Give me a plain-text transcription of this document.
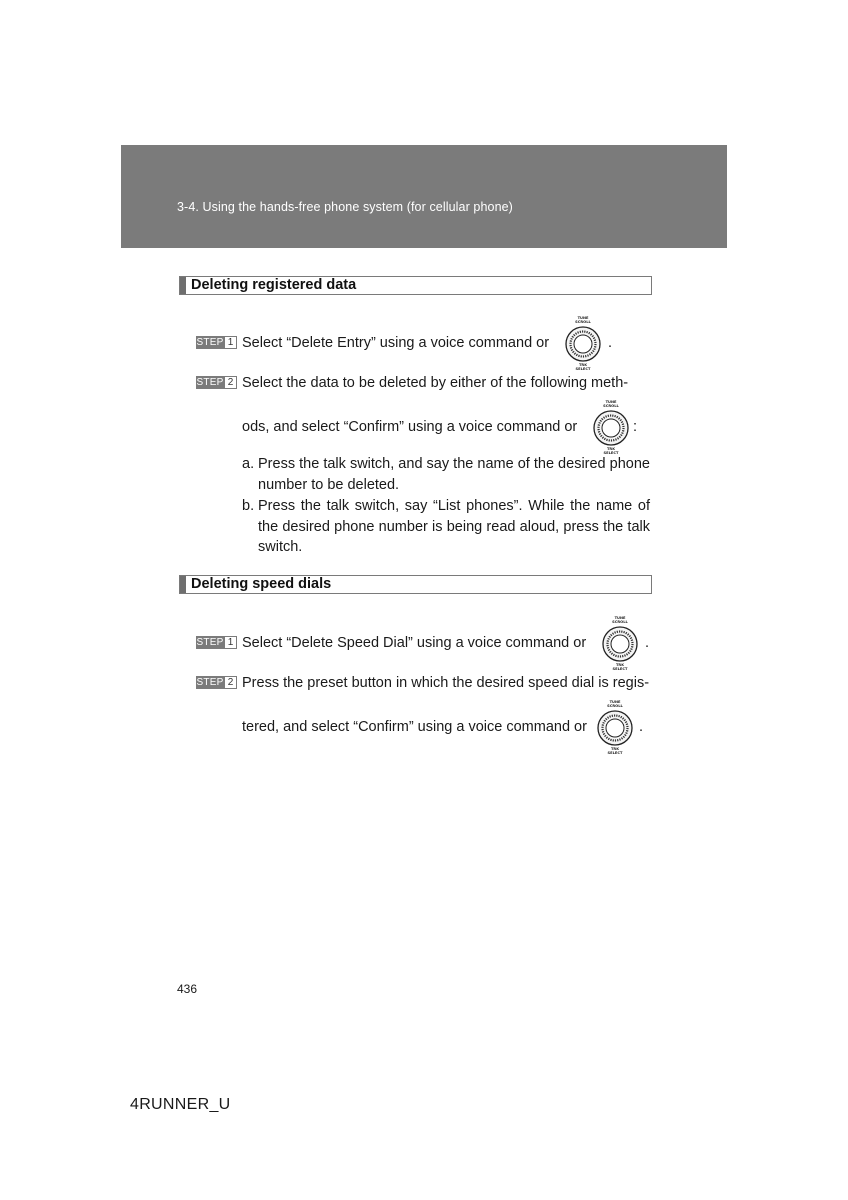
3-4. Using the hands-free phone system (for cellular phone)
Deleting registered data
STEP 1 Select “Delete Entry” using a voice command or	.
TUNE
SCROLL
TRK
SELECT
STEP 2 Select the data to be deleted by either of the following meth-
ods, and select “Confirm” using a voice command or	:
TUNE
SCROLL
TRK
SELECT
a. Press the talk switch, and say the name of the desired phone number to be deleted.
b. Press the talk switch, say “List phones”. While the name of the desired phone number is being read aloud, press the talk switch.
Deleting speed dials
STEP 1 Select “Delete Speed Dial” using a voice command or	.
TUNE
SCROLL
TRK
SELECT
STEP 2 Press the preset button in which the desired speed dial is regis-
tered, and select “Confirm” using a voice command or	.
TUNE
SCROLL
TRK
SELECT
436
4RUNNER_U
